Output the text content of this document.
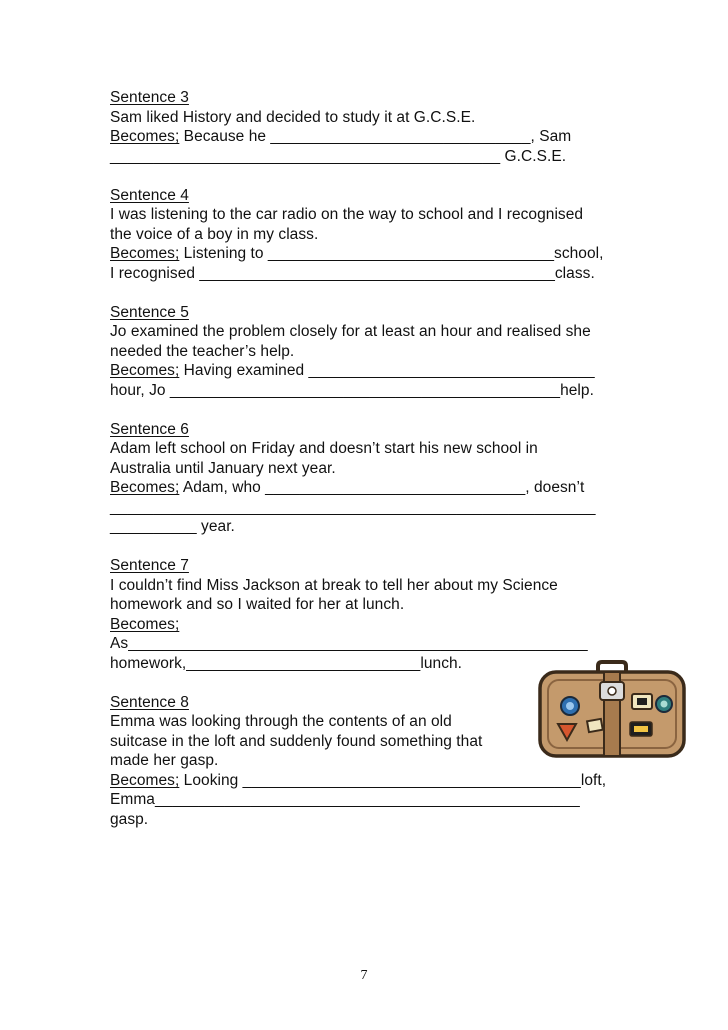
Sentence 3
Sam liked History and decided to study it at G.C.S.E.
Becomes; Because he ______________________________, Sam
_____________________________________________ G.C.S.E.
Sentence 4
I was listening to the car radio on the way to school and I recognised
the voice of a boy in my class.
Becomes; Listening to _________________________________school,
I recognised _________________________________________class.
Sentence 5
Jo examined the problem closely for at least an hour and realised she
needed the teacher’s help.
Becomes; Having examined _________________________________
hour, Jo _____________________________________________help.
Sentence 6
Adam left school on Friday and doesn’t start his new school in
Australia until January next year.
Becomes; Adam, who ______________________________, doesn’t
________________________________________________________
__________ year.
Sentence 7
I couldn’t find Miss Jackson at break to tell her about my Science
homework and so I waited for her at lunch.
Becomes;
As_____________________________________________________
homework,___________________________lunch.
Sentence 8
Emma was looking through the contents of an old
suitcase in the loft and suddenly found something that
made her gasp.
Becomes; Looking _______________________________________loft,
Emma_________________________________________________
gasp.
7
